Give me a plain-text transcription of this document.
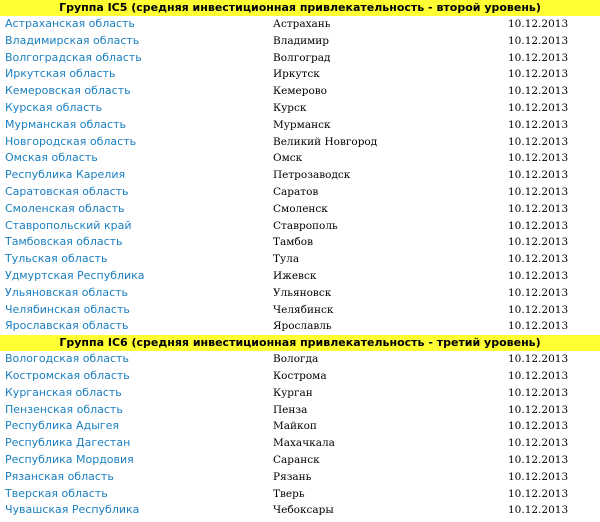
Группа IC5 (средняя инвестиционная привлекательность - второй уровень)
Астраханская область	Астрахань	10.12.2013
Владимирская область	Владимир	10.12.2013
Волгоградская область	Волгоград	10.12.2013
Иркутская область	Иркутск	10.12.2013
Кемеровская область	Кемерово	10.12.2013
Курская область	Курск	10.12.2013
Мурманская область	Мурманск	10.12.2013
Новгородская область	Великий Новгород	10.12.2013
Омская область	Омск	10.12.2013
Республика Карелия	Петрозаводск	10.12.2013
Саратовская область	Саратов	10.12.2013
Смоленская область	Смоленск	10.12.2013
Ставропольский край	Ставрополь	10.12.2013
Тамбовская область	Тамбов	10.12.2013
Тульская область	Тула	10.12.2013
Удмуртская Республика	Ижевск	10.12.2013
Ульяновская область	Ульяновск	10.12.2013
Челябинская область	Челябинск	10.12.2013
Ярославская область	Ярославль	10.12.2013
Группа IC6 (средняя инвестиционная привлекательность - третий уровень)
Вологодская область	Вологда	10.12.2013
Костромская область	Кострома	10.12.2013
Курганская область	Курган	10.12.2013
Пензенская область	Пенза	10.12.2013
Республика Адыгея	Майкоп	10.12.2013
Республика Дагестан	Махачкала	10.12.2013
Республика Мордовия	Саранск	10.12.2013
Рязанская область	Рязань	10.12.2013
Тверская область	Тверь	10.12.2013
Чувашская Республика	Чебоксары	10.12.2013
